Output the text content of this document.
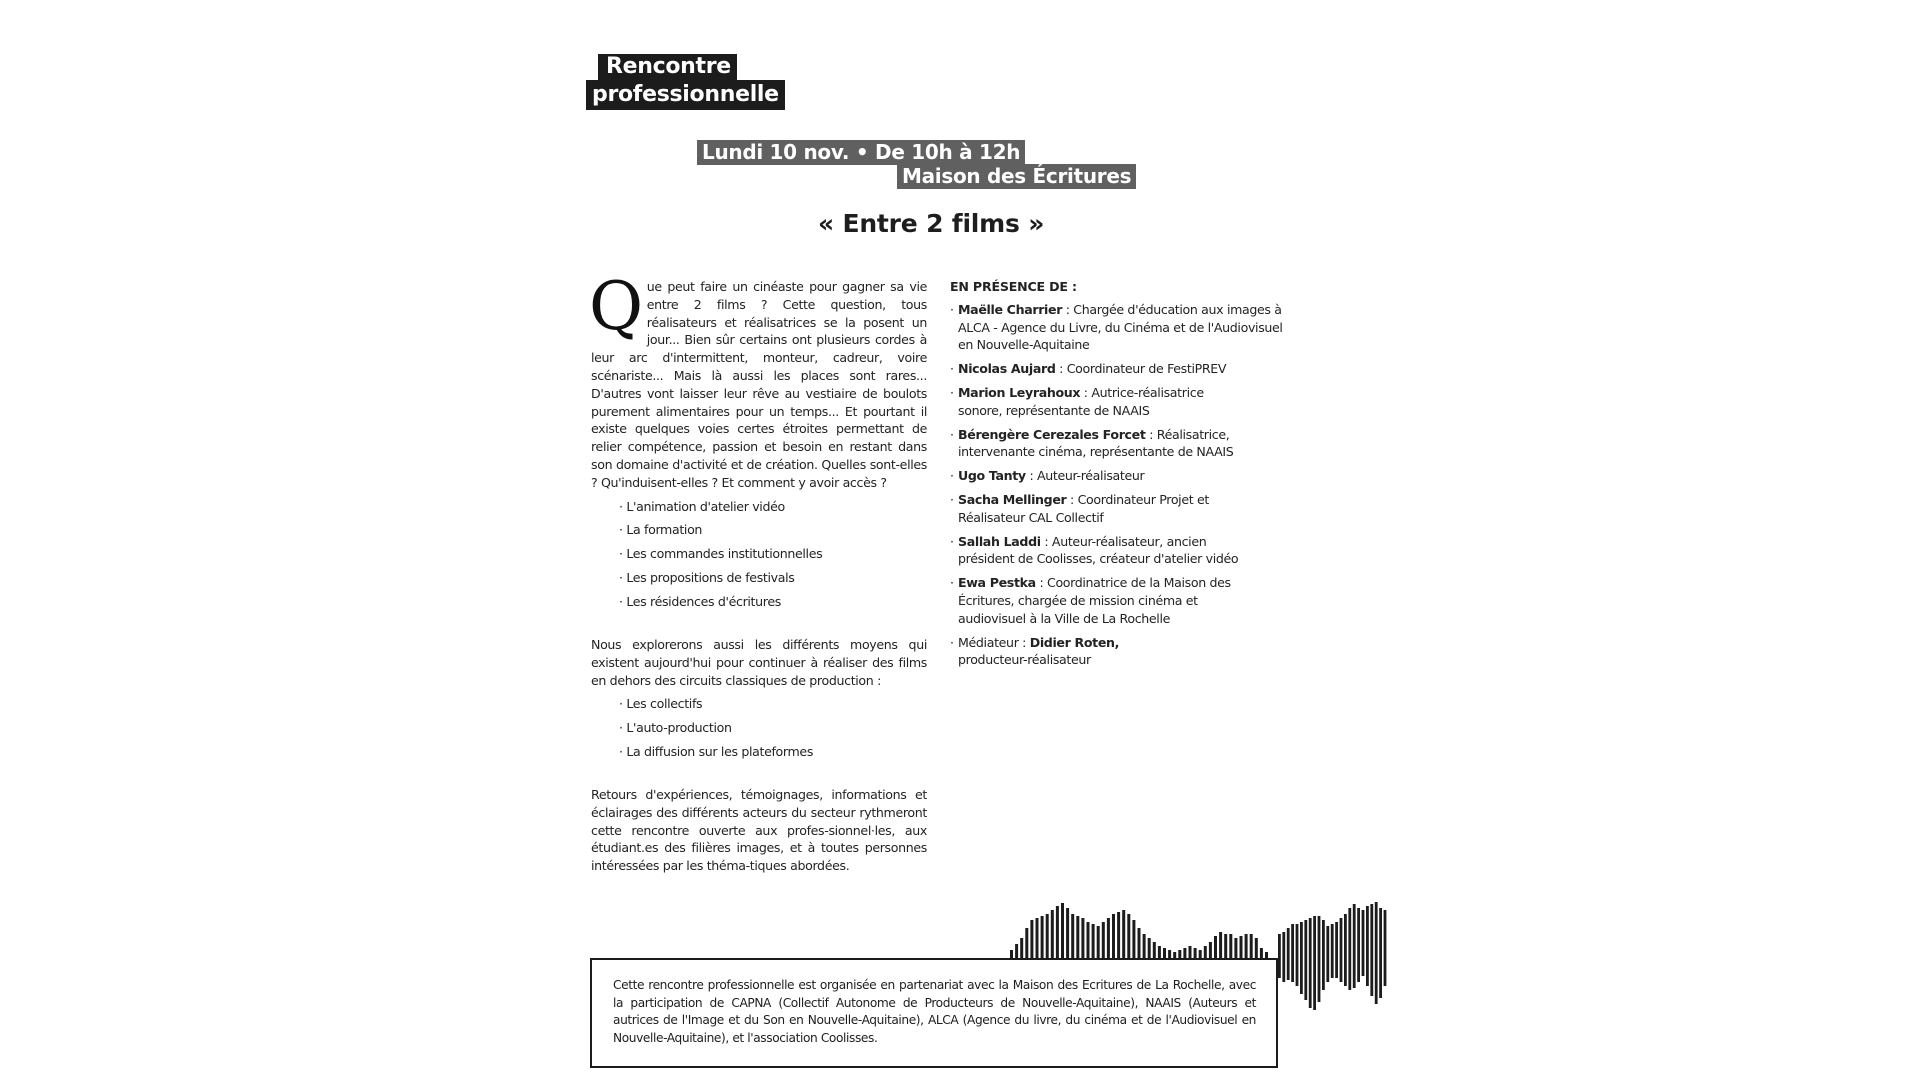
Rencontre
professionnelle
Lundi 10 nov. • De 10h à 12h
Maison des Écritures
« Entre 2 films »
Que peut faire un cinéaste pour gagner sa vie entre 2 films ? Cette question, tous réalisateurs et réalisatrices se la posent un jour... Bien sûr certains ont plusieurs cordes à leur arc d'intermittent, monteur, cadreur, voire scénariste... Mais là aussi les places sont rares... D'autres vont laisser leur rêve au vestiaire de boulots purement alimentaires pour un temps... Et pourtant il existe quelques voies certes étroites permettant de relier compétence, passion et besoin en restant dans son domaine d'activité et de création. Quelles sont-elles ? Qu'induisent-elles ? Et comment y avoir accès ?
· L'animation d'atelier vidéo
· La formation
· Les commandes institutionnelles
· Les propositions de festivals
· Les résidences d'écritures
Nous explorerons aussi les différents moyens qui existent aujourd'hui pour continuer à réaliser des films en dehors des circuits classiques de production :
· Les collectifs
· L'auto-production
· La diffusion sur les plateformes
Retours d'expériences, témoignages, informations et éclairages des différents acteurs du secteur rythmeront cette rencontre ouverte aux profes-sionnel·les, aux étudiant.es des filières images, et à toutes personnes intéressées par les théma-tiques abordées.
EN PRÉSENCE DE :
· Maëlle Charrier : Chargée d'éducation aux images à ALCA - Agence du Livre, du Cinéma et de l'Audiovisuel en Nouvelle-Aquitaine
· Nicolas Aujard : Coordinateur de FestiPREV
· Marion Leyrahoux : Autrice-réalisatrice sonore, représentante de NAAIS
· Bérengère Cerezales Forcet : Réalisatrice, intervenante cinéma, représentante de NAAIS
· Ugo Tanty : Auteur-réalisateur
· Sacha Mellinger : Coordinateur Projet et Réalisateur CAL Collectif
· Sallah Laddi : Auteur-réalisateur, ancien président de Coolisses, créateur d'atelier vidéo
· Ewa Pestka : Coordinatrice de la Maison des Écritures, chargée de mission cinéma et audiovisuel à la Ville de La Rochelle
· Médiateur : Didier Roten,
producteur-réalisateur
Cette rencontre professionnelle est organisée en partenariat avec la Maison des Ecritures de La Rochelle, avec la participation de CAPNA (Collectif Autonome de Producteurs de Nouvelle-Aquitaine), NAAIS (Auteurs et autrices de l'Image et du Son en Nouvelle-Aquitaine), ALCA (Agence du livre, du cinéma et de l'Audiovisuel en Nouvelle-Aquitaine), et l'association Coolisses.
